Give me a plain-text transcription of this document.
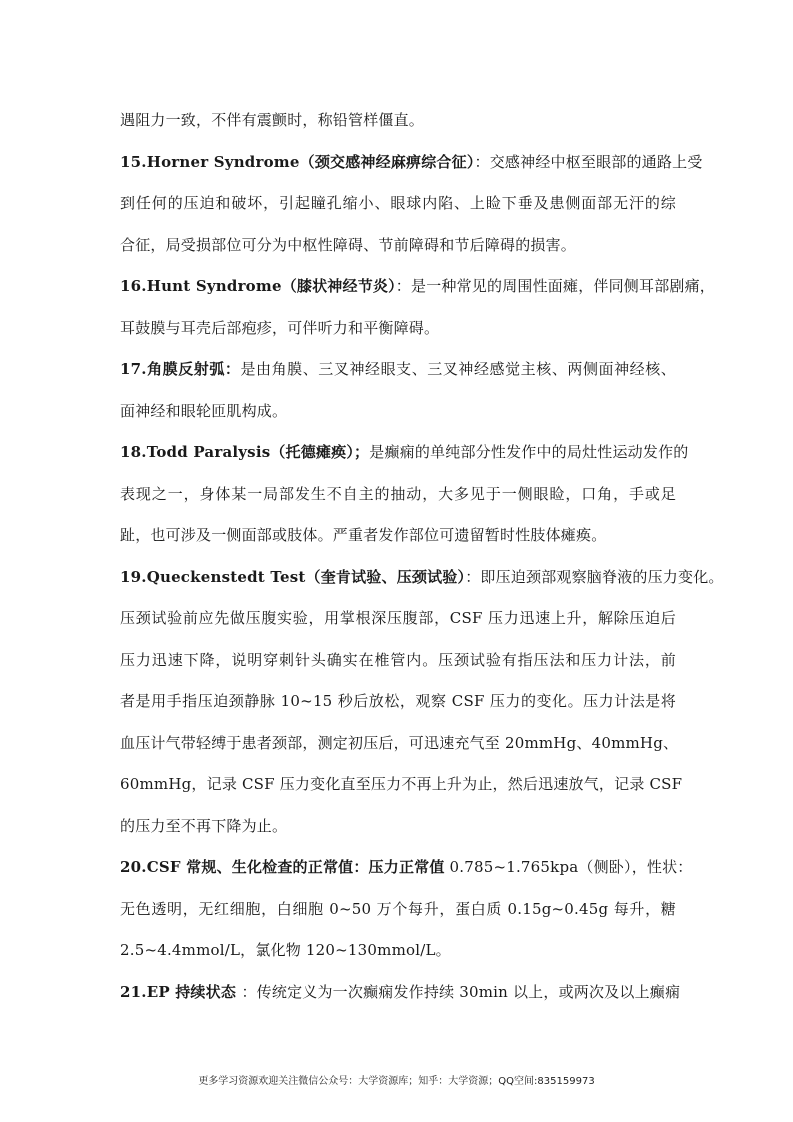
遇阻力一致，不伴有震颤时，称铅管样僵直。

15.Horner Syndrome（颈交感神经麻痹综合征）：交感神经中枢至眼部的通路上受

到任何的压迫和破坏，引起瞳孔缩小、眼球内陷、上睑下垂及患侧面部无汗的综

合征，局受损部位可分为中枢性障碍、节前障碍和节后障碍的损害。

16.Hunt Syndrome（膝状神经节炎）：是一种常见的周围性面瘫，伴同侧耳部剧痛，

耳鼓膜与耳壳后部疱疹，可伴听力和平衡障碍。

17.角膜反射弧：是由角膜、三叉神经眼支、三叉神经感觉主核、两侧面神经核、

面神经和眼轮匝肌构成。

18.Todd Paralysis（托德瘫痪）；是癫痫的单纯部分性发作中的局灶性运动发作的

表现之一，身体某一局部发生不自主的抽动，大多见于一侧眼睑，口角，手或足

趾，也可涉及一侧面部或肢体。严重者发作部位可遗留暂时性肢体瘫痪。

19.Queckenstedt Test（奎肯试验、压颈试验）：即压迫颈部观察脑脊液的压力变化。

压颈试验前应先做压腹实验，用掌根深压腹部，CSF 压力迅速上升，解除压迫后

压力迅速下降，说明穿刺针头确实在椎管内。压颈试验有指压法和压力计法，前

者是用手指压迫颈静脉 10~15 秒后放松，观察 CSF 压力的变化。压力计法是将

血压计气带轻缚于患者颈部，测定初压后，可迅速充气至 20mmHg、40mmHg、

60mmHg，记录 CSF 压力变化直至压力不再上升为止，然后迅速放气，记录 CSF

的压力至不再下降为止。

20.CSF 常规、生化检查的正常值：压力正常值 0.785~1.765kpa（侧卧），性状：

无色透明，无红细胞，白细胞 0~50 万个每升，蛋白质 0.15g~0.45g 每升，糖

2.5~4.4mmol/L，氯化物 120~130mmol/L。

21.EP 持续状态 ：传统定义为一次癫痫发作持续 30min 以上，或两次及以上癫痫

更多学习资源欢迎关注微信公众号：大学资源库；知乎：大学资源；QQ空间:835159973
